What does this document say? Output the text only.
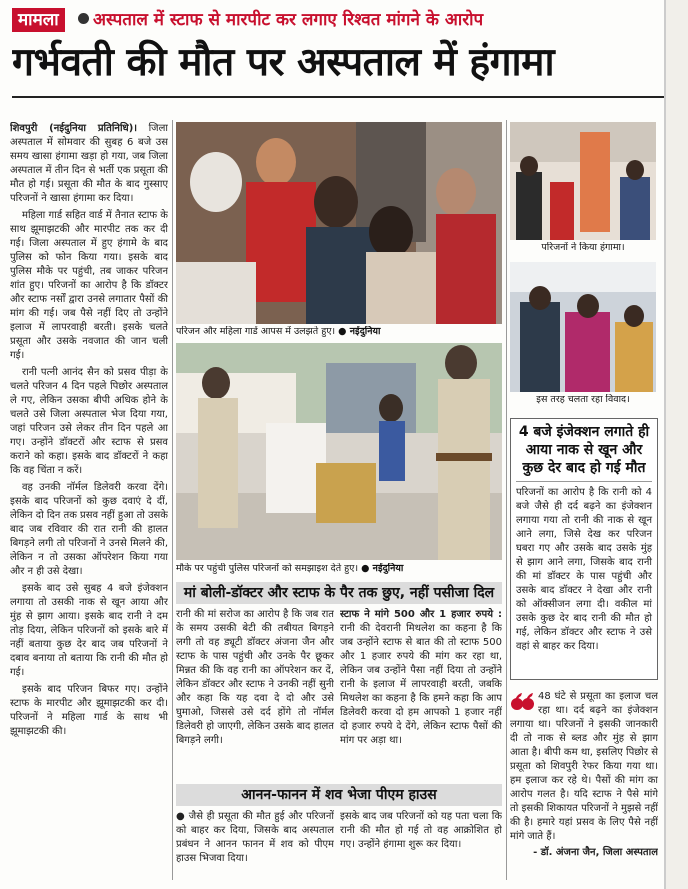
मामला	अस्पताल में स्टाफ से मारपीट कर लगाए रिश्वत मांगने के आरोप
गर्भवती की मौत पर अस्पताल में हंगामा

शिवपुरी (नईदुनिया प्रतिनिधि)। जिला अस्पताल में सोमवार की सुबह 6 बजे उस समय खासा हंगामा खड़ा हो गया, जब जिला अस्पताल में तीन दिन से भर्ती एक प्रसूता की मौत हो गई। प्रसूता की मौत के बाद गुस्साए परिजनों ने खासा हंगामा कर दिया।

महिला गार्ड सहित वार्ड में तैनात स्टाफ के साथ झूमाझटकी और मारपीट तक कर दी गई। जिला अस्पताल में हुए हंगामे के बाद पुलिस को फोन किया गया। इसके बाद पुलिस मौके पर पहुंची, तब जाकर परिजन शांत हुए। परिजनों का आरोप है कि डॉक्टर और स्टाफ नर्सों द्वारा उनसे लगातार पैसों की मांग की गई। जब पैसे नहीं दिए तो उन्होंने इलाज में लापरवाही बरती। इसके चलते प्रसूता और उसके नवजात की जान चली गई।

रानी पत्नी आनंद सैन को प्रसव पीड़ा के चलते परिजन 4 दिन पहले पिछोर अस्पताल ले गए, लेकिन उसका बीपी अधिक होने के चलते उसे जिला अस्पताल भेज दिया गया, जहां परिजन उसे लेकर तीन दिन पहले आ गए। उन्होंने डॉक्टरों और स्टाफ से प्रसव कराने को कहा। इसके बाद डॉक्टरों ने कहा कि वह चिंता न करें।

वह उनकी नॉर्मल डिलेवरी करवा देंगे। इसके बाद परिजनों को कुछ दवाएं दे दीं, लेकिन दो दिन तक प्रसव नहीं हुआ तो उसके बाद जब रविवार की रात रानी की हालत बिगड़ने लगी तो परिजनों ने उनसे मिलने की, लेकिन न तो उसका ऑपरेशन किया गया और न ही उसे देखा।

इसके बाद उसे सुबह 4 बजे इंजेक्शन लगाया तो उसकी नाक से खून आया और मुंह से झाग आया। इसके बाद रानी ने दम तोड़ दिया, लेकिन परिजनों को इसके बारे में नहीं बताया कुछ देर बाद जब परिजनों ने दबाव बनाया तो बताया कि रानी की मौत हो गई।

इसके बाद परिजन बिफर गए। उन्होंने स्टाफ के मारपीट और झूमाझटकी कर दी। परिजनों ने महिला गार्ड के साथ भी झूमाझटकी की।

परिजन और महिला गार्ड आपस में उलझते हुए। ● नईदुनिया
मौके पर पहुंची पुलिस परिजनों को समझाइश देते हुए। ● नईदुनिया
मां बोली-डॉक्टर और स्टाफ के पैर तक छुए, नहीं पसीजा दिल
रानी की मां सरोज का आरोप है कि जब रात के समय उसकी बेटी की तबीयत बिगड़ने लगी तो वह ड्यूटी डॉक्टर अंजना जैन और स्टाफ के पास पहुंची और उनके पैर छूकर मिन्नत की कि वह रानी का ऑपरेशन कर दें, लेकिन डॉक्टर और स्टाफ ने उनकी नहीं सुनी और कहा कि यह दवा दे दो और उसे घुमाओ, जिससे उसे दर्द होंगे तो नॉर्मल डिलेवरी हो जाएगी, लेकिन उसके बाद हालत बिगड़ने लगी।
स्टाफ ने मांगे 500 और 1 हजार रुपये : रानी की देवरानी मिथलेश का कहना है कि जब उन्होंने स्टाफ से बात की तो स्टाफ 500 और 1 हजार रुपये की मांग कर रहा था, लेकिन जब उन्होंने पैसा नहीं दिया तो उन्होंने रानी के इलाज में लापरवाही बरती, जबकि मिथलेश का कहना है कि हमने कहा कि आप डिलेवरी करवा दो हम आपको 1 हजार नहीं दो हजार रुपये दे देंगे, लेकिन स्टाफ पैसों की मांग पर अड़ा था।
आनन-फानन में शव भेजा पीएम हाउस
● जैसे ही प्रसूता की मौत हुई और परिजनों को बाहर कर दिया, जिसके बाद अस्पताल प्रबंधन ने आनन फानन में शव को पीएम हाउस भिजवा दिया।
इसके बाद जब परिजनों को यह पता चला कि रानी की मौत हो गई तो वह आक्रोशित हो गए। उन्होंने हंगामा शुरू कर दिया।
परिजनों ने किया हंगामा।
इस तरह चलता रहा विवाद।
4 बजे इंजेक्शन लगाते ही आया नाक से खून और कुछ देर बाद हो गई मौत
परिजनों का आरोप है कि रानी को 4 बजे जैसे ही दर्द बढ़ने का इंजेक्शन लगाया गया तो रानी की नाक से खून आने लगा, जिसे देख कर परिजन घबरा गए और उसके बाद उसके मुंह से झाग आने लगा, जिसके बाद रानी की मां डॉक्टर के पास पहुंची और उसके बाद डॉक्टर ने देखा और रानी को ऑक्सीजन लगा दी। वकील मां उसके कुछ देर बाद रानी की मौत हो गई, लेकिन डॉक्टर और स्टाफ ने उसे वहां से बाहर कर दिया।
48 घंटे से प्रसूता का इलाज चल रहा था। दर्द बढ़ने का इंजेक्शन लगाया था। परिजनों ने इसकी जानकारी दी तो नाक से ब्लड और मुंह से झाग आता है। बीपी कम था, इसलिए पिछोर से प्रसूता को शिवपुरी रेफर किया गया था। हम इलाज कर रहे थे। पैसों की मांग का आरोप गलत है। यदि स्टाफ ने पैसे मांगे तो इसकी शिकायत परिजनों ने मुझसे नहीं की है। हमारे यहां प्रसव के लिए पैसे नहीं मांगे जाते हैं।
- डॉ. अंजना जैन, जिला अस्पताल
